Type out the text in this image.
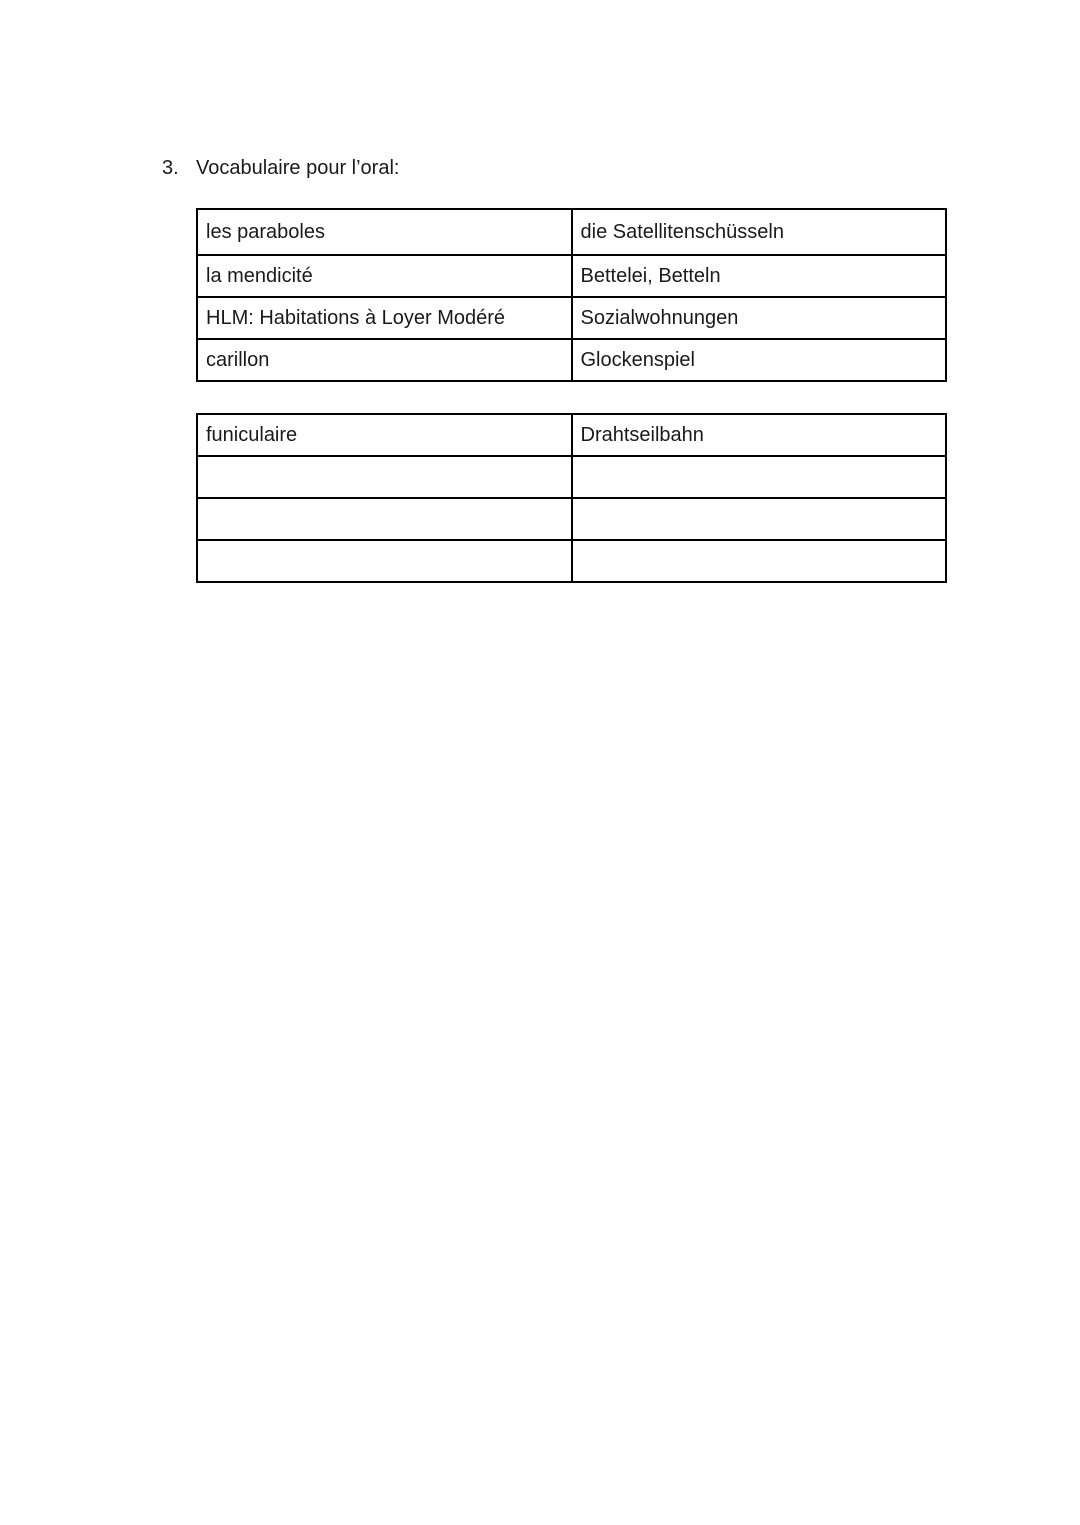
3. Vocabulaire pour l’oral:
les paraboles	die Satellitenschüsseln
la mendicité	Bettelei, Betteln
HLM: Habitations à Loyer Modéré	Sozialwohnungen
carillon	Glockenspiel
funiculaire	Drahtseilbahn
